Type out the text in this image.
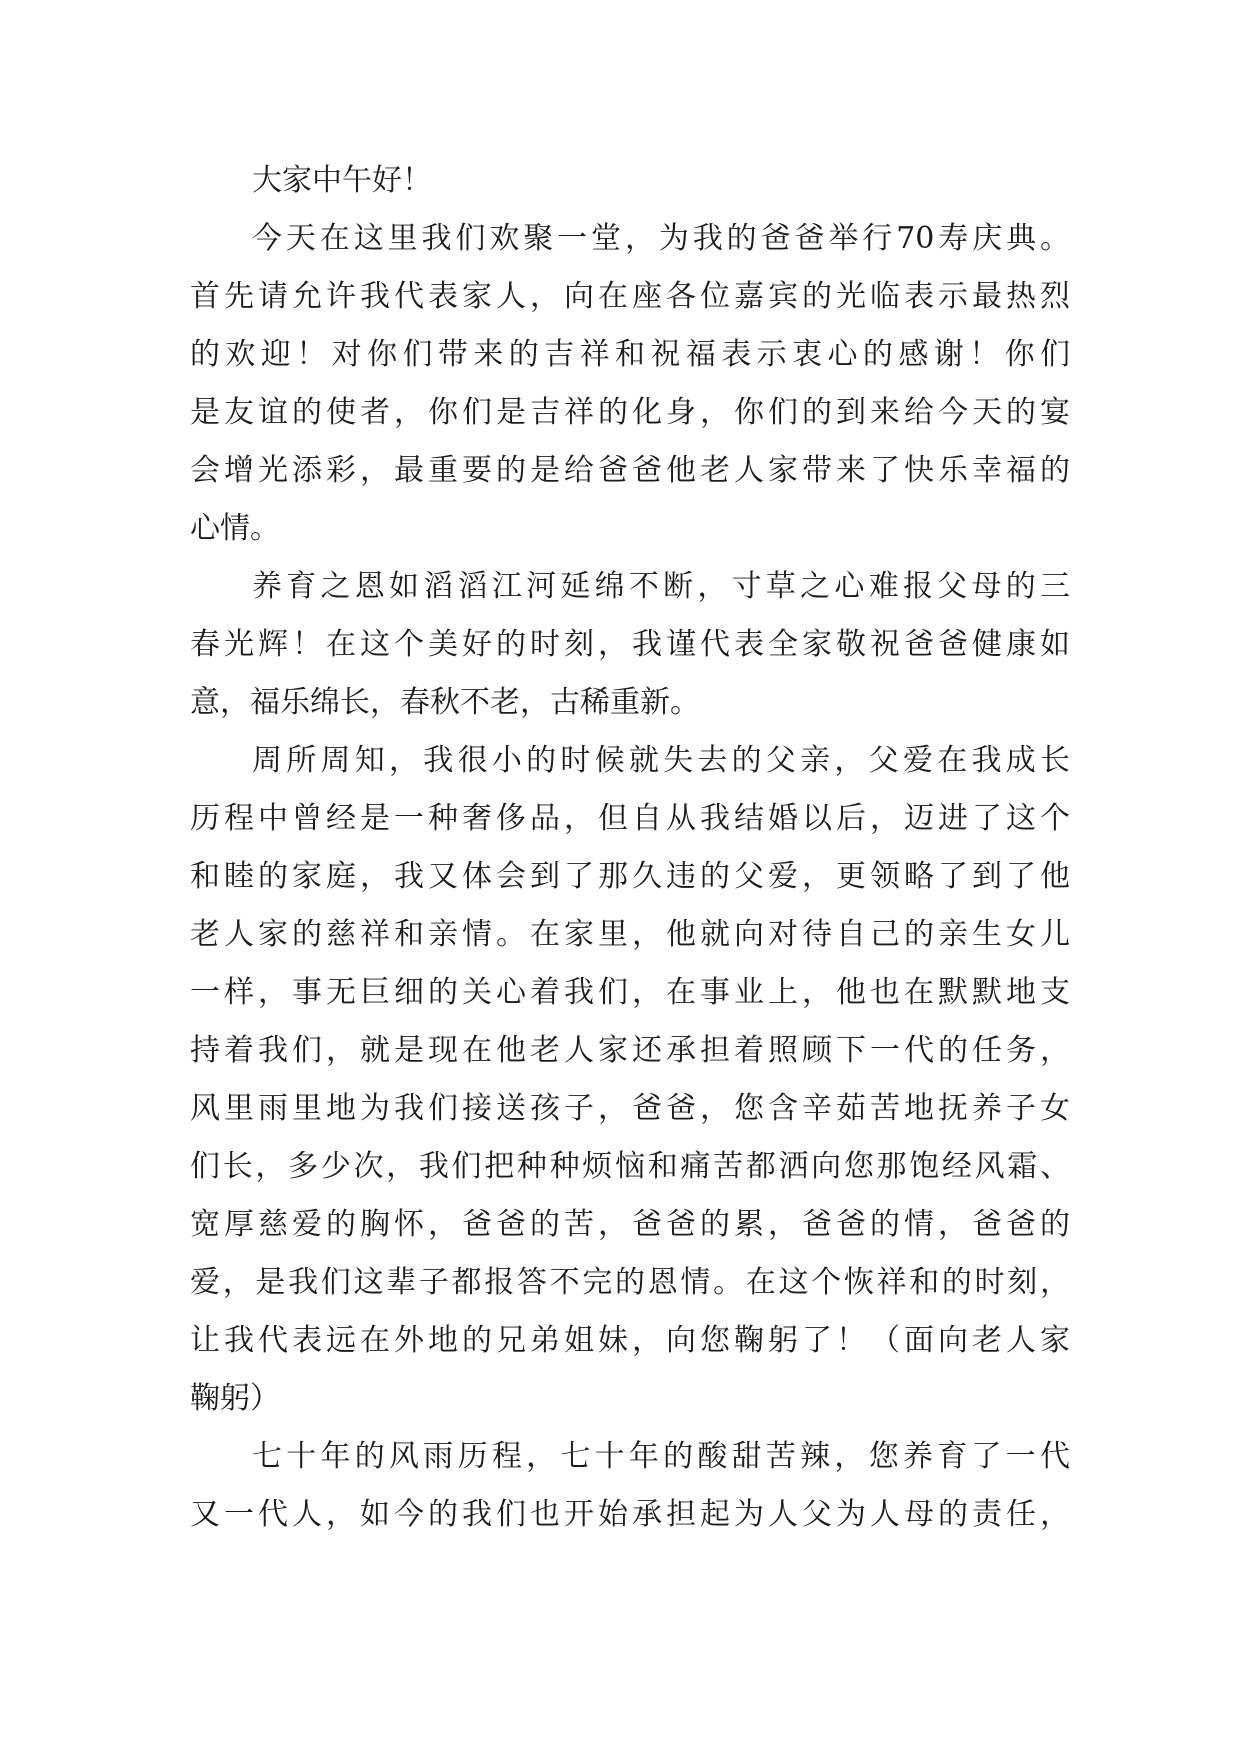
大家中午好！
今天在这里我们欢聚一堂，为我的爸爸举行70寿庆典。
首先请允许我代表家人，向在座各位嘉宾的光临表示最热烈
的欢迎！对你们带来的吉祥和祝福表示衷心的感谢！你们
是友谊的使者，你们是吉祥的化身，你们的到来给今天的宴
会增光添彩，最重要的是给爸爸他老人家带来了快乐幸福的
心情。
养育之恩如滔滔江河延绵不断，寸草之心难报父母的三
春光辉！在这个美好的时刻，我谨代表全家敬祝爸爸健康如
意，福乐绵长，春秋不老，古稀重新。
周所周知，我很小的时候就失去的父亲，父爱在我成长
历程中曾经是一种奢侈品，但自从我结婚以后，迈进了这个
和睦的家庭，我又体会到了那久违的父爱，更领略了到了他
老人家的慈祥和亲情。在家里，他就向对待自己的亲生女儿
一样，事无巨细的关心着我们，在事业上，他也在默默地支
持着我们，就是现在他老人家还承担着照顾下一代的任务，
风里雨里地为我们接送孩子，爸爸，您含辛茹苦地抚养子女
们长，多少次，我们把种种烦恼和痛苦都洒向您那饱经风霜、
宽厚慈爱的胸怀，爸爸的苦，爸爸的累，爸爸的情，爸爸的
爱，是我们这辈子都报答不完的恩情。在这个恢祥和的时刻，
让我代表远在外地的兄弟姐妹，向您鞠躬了！（面向老人家
鞠躬）
七十年的风雨历程，七十年的酸甜苦辣，您养育了一代
又一代人，如今的我们也开始承担起为人父为人母的责任，
